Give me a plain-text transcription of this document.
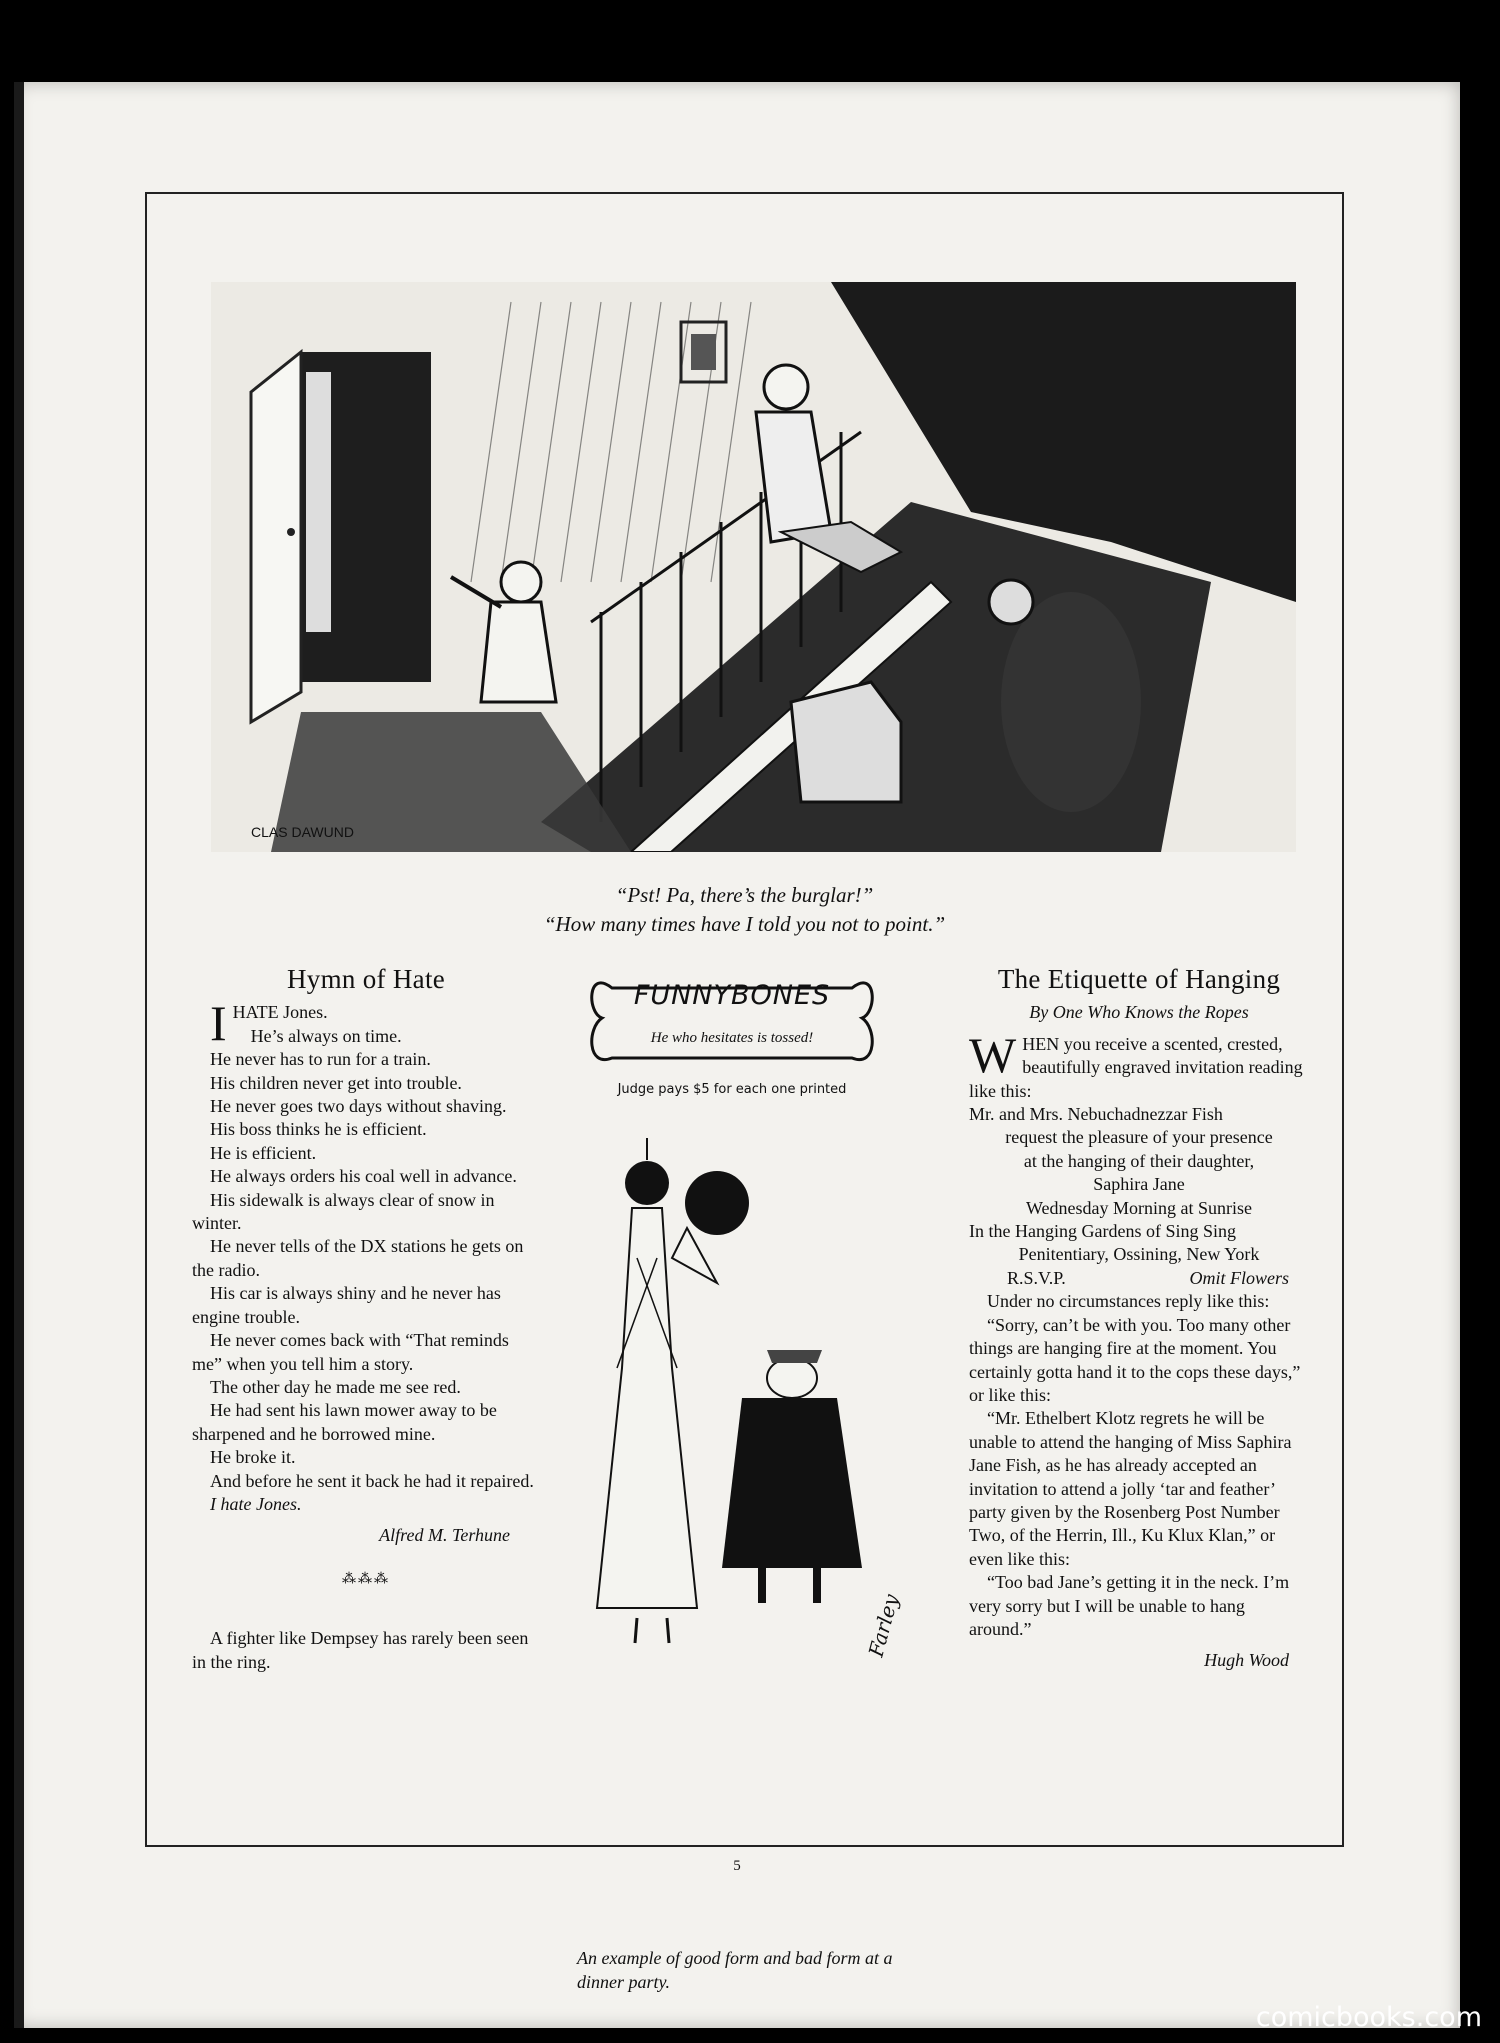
CLAS DAWUND
“Pst! Pa, there’s the burglar!”
“How many times have I told you not to point.”
Hymn of Hate
I HATE Jones.

He’s always on time.

He never has to run for a train.

His children never get into trouble.

He never goes two days without shaving.

His boss thinks he is efficient.

He is efficient.

He always orders his coal well in advance.

His sidewalk is always clear of snow in winter.

He never tells of the DX stations he gets on the radio.

His car is always shiny and he never has engine trouble.

He never comes back with “That reminds me” when you tell him a story.

The other day he made me see red.

He had sent his lawn mower away to be sharpened and he borrowed mine.

He broke it.

And before he sent it back he had it repaired.

I hate Jones.

Alfred M. Terhune
⁂⁂⁂

A fighter like Dempsey has rarely been seen in the ring.

FUNNYBONES
He who hesitates is tossed!
Judge pays $5 for each one printed
Farley
An example of good form and bad form at a dinner party.
The Etiquette of Hanging
By One Who Knows the Ropes
W HEN you receive a scented, crested, beautifully engraved invitation reading like this:

Mr. and Mrs. Nebuchadnezzar Fish

request the pleasure of your presence

at the hanging of their daughter,

Saphira Jane

Wednesday Morning at Sunrise

In the Hanging Gardens of Sing Sing

Penitentiary, Ossining, New York

R.S.V.P.	Omit Flowers

Under no circumstances reply like this:

“Sorry, can’t be with you. Too many other things are hanging fire at the moment. You certainly gotta hand it to the cops these days,” or like this:

“Mr. Ethelbert Klotz regrets he will be unable to attend the hanging of Miss Saphira Jane Fish, as he has already accepted an invitation to attend a jolly ‘tar and feather’ party given by the Rosenberg Post Number Two, of the Herrin, Ill., Ku Klux Klan,” or even like this:

“Too bad Jane’s getting it in the neck. I’m very sorry but I will be unable to hang around.”

Hugh Wood
5
comicbooks.com
